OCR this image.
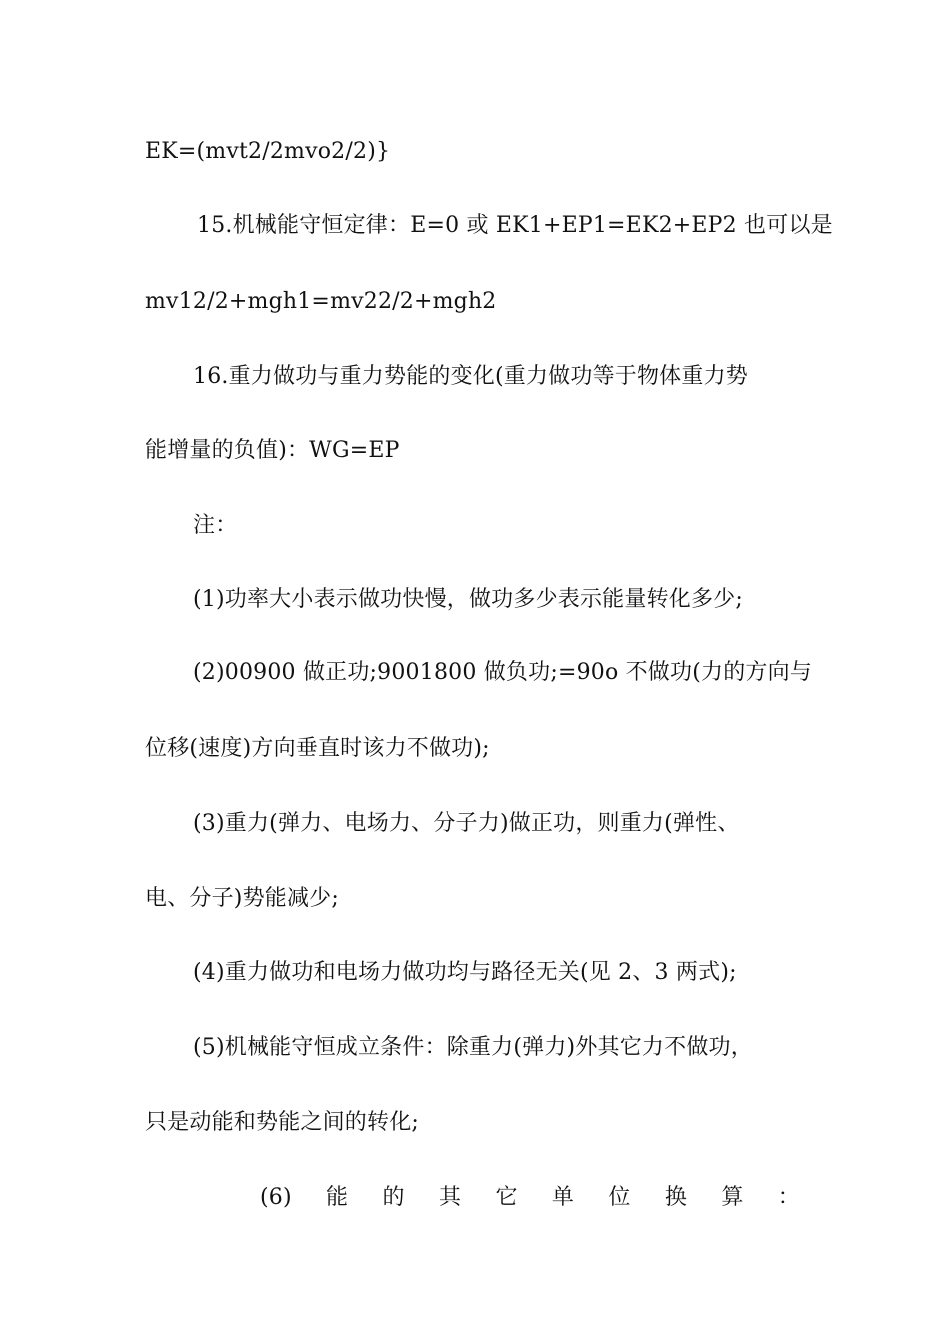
EK=(mvt2/2mvo2/2)}
15.机械能守恒定律：E=0 或 EK1+EP1=EK2+EP2 也可以是
mv12/2+mgh1=mv22/2+mgh2
16.重力做功与重力势能的变化(重力做功等于物体重力势
能增量的负值)：WG=EP
注：
(1)功率大小表示做功快慢，做功多少表示能量转化多少;
(2)00900 做正功;9001800 做负功;=90o 不做功(力的方向与
位移(速度)方向垂直时该力不做功);
(3)重力(弹力、电场力、分子力)做正功，则重力(弹性、
电、分子)势能减少;
(4)重力做功和电场力做功均与路径无关(见 2、3 两式);
(5)机械能守恒成立条件：除重力(弹力)外其它力不做功，
只是动能和势能之间的转化;
(6) 能 的 其 它 单 位 换 算 ：
